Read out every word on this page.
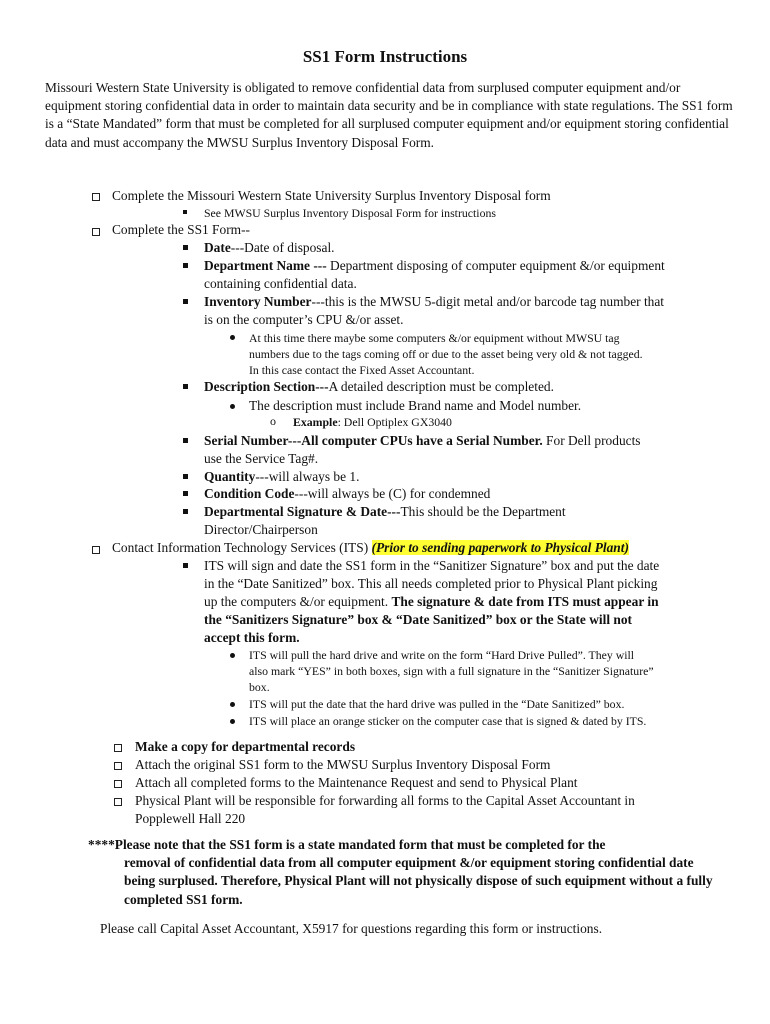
SS1 Form Instructions
Missouri Western State University is obligated to remove confidential data from surplused computer equipment and/or equipment storing confidential data in order to maintain data security and be in compliance with state regulations. The SS1 form is a “State Mandated” form that must be completed for all surplused computer equipment and/or equipment storing confidential data and must accompany the MWSU Surplus Inventory Disposal Form.
Complete the Missouri Western State University Surplus Inventory Disposal form
See MWSU Surplus Inventory Disposal Form for instructions
Complete the SS1 Form--
Date---Date of disposal.
Department Name --- Department disposing of computer equipment &/or equipment
containing confidential data.
Inventory Number---this is the MWSU 5-digit metal and/or barcode tag number that
is on the computer’s CPU &/or asset.
At this time there maybe some computers &/or equipment without MWSU tag
numbers due to the tags coming off or due to the asset being very old & not tagged.
In this case contact the Fixed Asset Accountant.
Description Section---A detailed description must be completed.
The description must include Brand name and Model number.
o Example: Dell Optiplex GX3040
Serial Number---All computer CPUs have a Serial Number. For Dell products
use the Service Tag#.
Quantity---will always be 1.
Condition Code---will always be (C) for condemned
Departmental Signature & Date---This should be the Department
Director/Chairperson
Contact Information Technology Services (ITS) (Prior to sending paperwork to Physical Plant)
ITS will sign and date the SS1 form in the “Sanitizer Signature” box and put the date
in the “Date Sanitized” box. This all needs completed prior to Physical Plant picking
up the computers &/or equipment. The signature & date from ITS must appear in
the “Sanitizers Signature” box & “Date Sanitized” box or the State will not
accept this form.
ITS will pull the hard drive and write on the form “Hard Drive Pulled”. They will
also mark “YES” in both boxes, sign with a full signature in the “Sanitizer Signature”
box.
ITS will put the date that the hard drive was pulled in the “Date Sanitized” box.
ITS will place an orange sticker on the computer case that is signed & dated by ITS.
Make a copy for departmental records
Attach the original SS1 form to the MWSU Surplus Inventory Disposal Form
Attach all completed forms to the Maintenance Request and send to Physical Plant
Physical Plant will be responsible for forwarding all forms to the Capital Asset Accountant in
Popplewell Hall 220
****Please note that the SS1 form is a state mandated form that must be completed for the
removal of confidential data from all computer equipment &/or equipment storing confidential date being surplused. Therefore, Physical Plant will not physically dispose of such equipment without a fully completed SS1 form.
Please call Capital Asset Accountant, X5917 for questions regarding this form or instructions.
